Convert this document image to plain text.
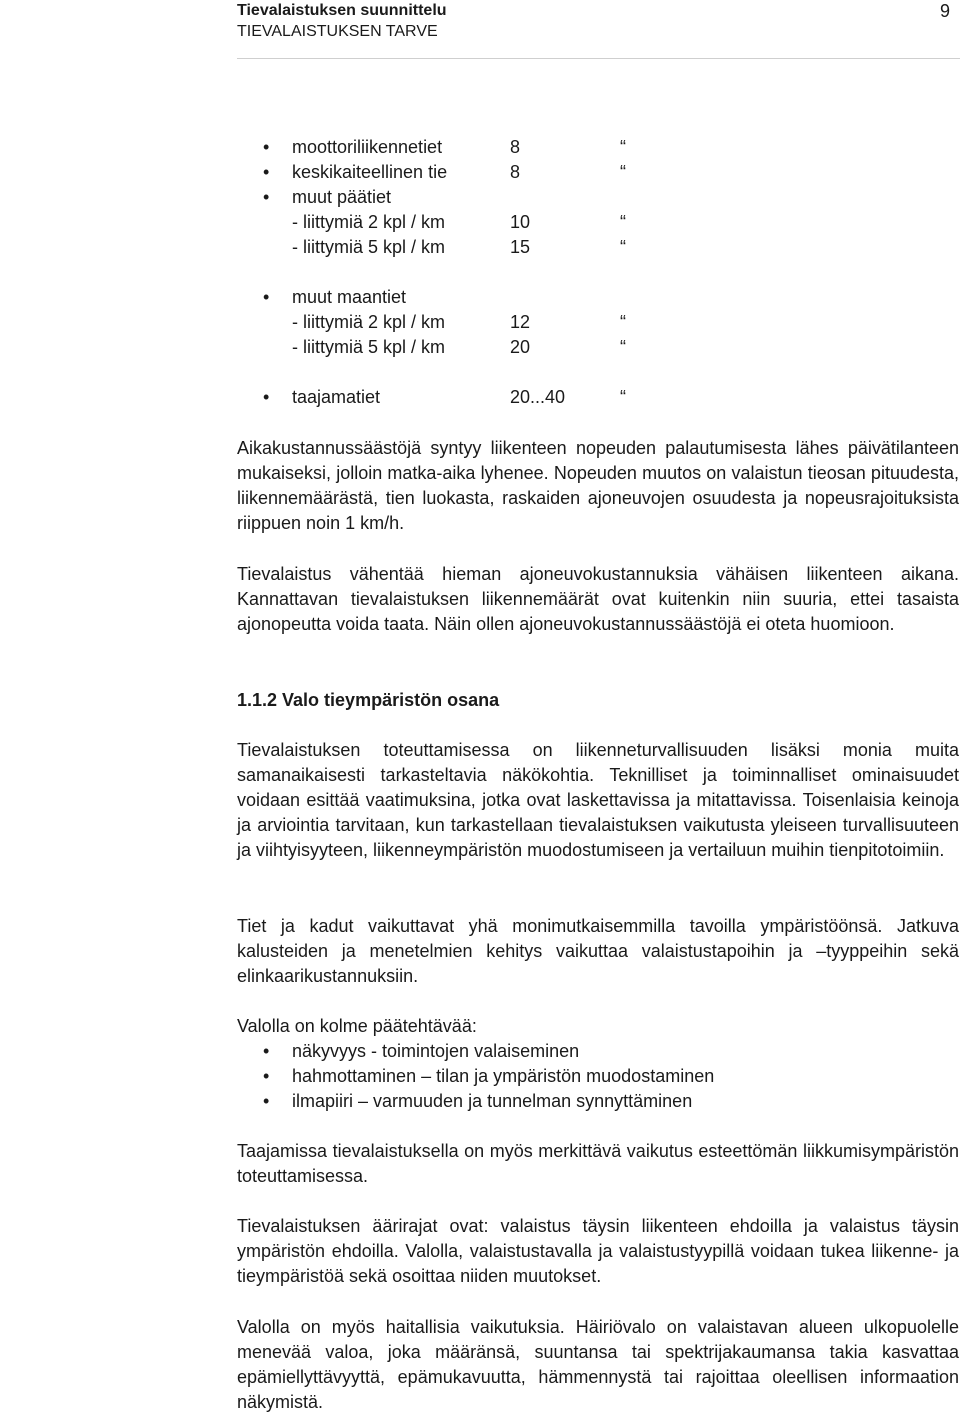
Tievalaistuksen suunnittelu
TIEVALAISTUKSEN TARVE
9
• moottoriliikennetiet	8	“
• keskikaiteellinen tie	8	“
• muut päätiet
- liittymiä 2 kpl / km	10	“
- liittymiä 5 kpl / km	15	“
• muut maantiet
- liittymiä 2 kpl / km	12	“
- liittymiä 5 kpl / km	20	“
• taajamatiet	20...40	“

Aikakustannussäästöjä syntyy liikenteen nopeuden palautumisesta lähes päivätilanteen mukaiseksi, jolloin matka-aika lyhenee. Nopeuden muutos on valaistun tieosan pituudesta, liikennemäärästä, tien luokasta, raskaiden ajoneuvojen osuudesta ja nopeusrajoituksista riippuen noin 1 km/h.

Tievalaistus vähentää hieman ajoneuvokustannuksia vähäisen liikenteen aikana. Kannattavan tievalaistuksen liikennemäärät ovat kuitenkin niin suuria, ettei tasaista ajonopeutta voida taata. Näin ollen ajoneuvokustannussäästöjä ei oteta huomioon.

1.1.2 Valo tieympäristön osana

Tievalaistuksen toteuttamisessa on liikenneturvallisuuden lisäksi monia muita samanaikaisesti tarkasteltavia näkökohtia. Teknilliset ja toiminnalliset ominaisuudet voidaan esittää vaatimuksina, jotka ovat laskettavissa ja mitattavissa. Toisenlaisia keinoja ja arviointia tarvitaan, kun tarkastellaan tievalaistuksen vaikutusta yleiseen turvallisuuteen ja viihtyisyyteen, liikenneympäristön muodostumiseen ja vertailuun muihin tienpitotoimiin.

Tiet ja kadut vaikuttavat yhä monimutkaisemmilla tavoilla ympäristöönsä. Jatkuva kalusteiden ja menetelmien kehitys vaikuttaa valaistustapoihin ja –tyyppeihin sekä elinkaarikustannuksiin.

Valolla on kolme päätehtävää:

• näkyvyys - toimintojen valaiseminen
• hahmottaminen – tilan ja ympäristön muodostaminen
• ilmapiiri – varmuuden ja tunnelman synnyttäminen

Taajamissa tievalaistuksella on myös merkittävä vaikutus esteettömän liikkumisympäristön toteuttamisessa.

Tievalaistuksen äärirajat ovat: valaistus täysin liikenteen ehdoilla ja valaistus täysin ympäristön ehdoilla. Valolla, valaistustavalla ja valaistustyypillä voidaan tukea liikenne- ja tieympäristöä sekä osoittaa niiden muutokset.

Valolla on myös haitallisia vaikutuksia. Häiriövalo on valaistavan alueen ulkopuolelle menevää valoa, joka määränsä, suuntansa tai spektrijakaumansa takia kasvattaa epämiellyttävyyttä, epämukavuutta, hämmennystä tai rajoittaa oleellisen informaation näkymistä.
